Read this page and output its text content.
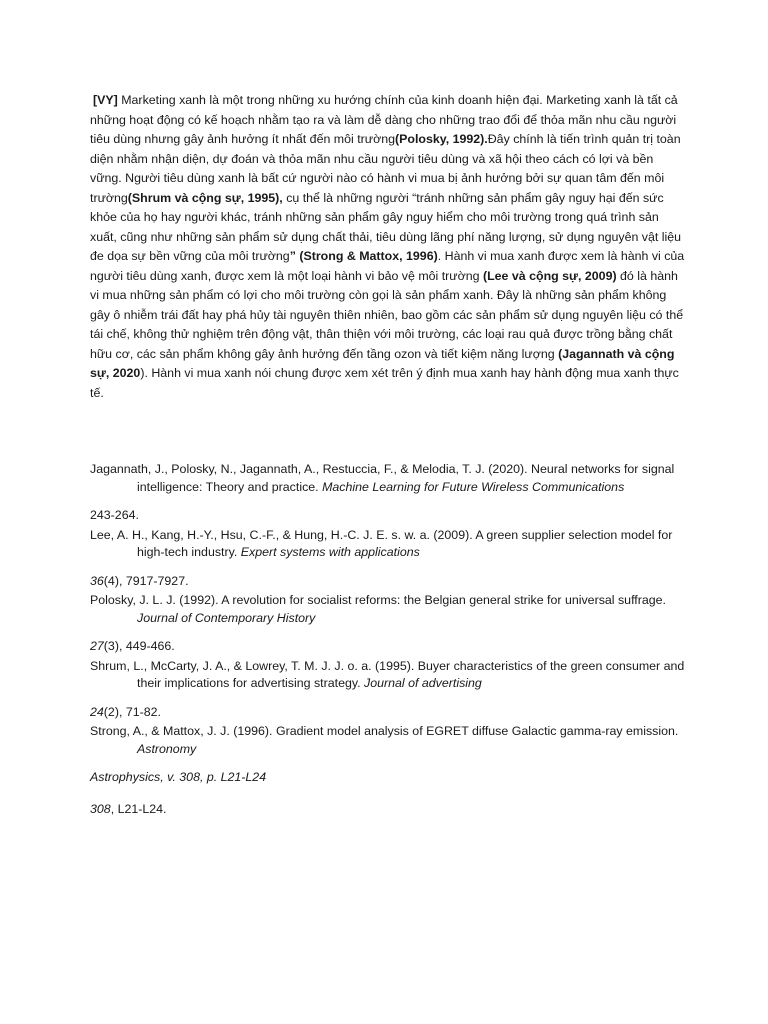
[VY] Marketing xanh là một trong những xu hướng chính của kinh doanh hiện đại. Marketing xanh là tất cả những hoạt động có kế hoạch nhằm tạo ra và làm dễ dàng cho những trao đổi để thỏa mãn nhu cầu người tiêu dùng nhưng gây ảnh hưởng ít nhất đến môi trường(Polosky, 1992).Đây chính là tiến trình quản trị toàn diện nhằm nhận diện, dự đoán và thỏa mãn nhu cầu người tiêu dùng và xã hội theo cách có lợi và bền vững. Người tiêu dùng xanh là bất cứ người nào có hành vi mua bị ảnh hưởng bởi sự quan tâm đến môi trường(Shrum và cộng sự, 1995), cụ thể là những người “tránh những sản phẩm gây nguy hại đến sức khỏe của họ hay người khác, tránh những sản phẩm gây nguy hiểm cho môi trường trong quá trình sản xuất, cũng như những sản phẩm sử dụng chất thải, tiêu dùng lãng phí năng lượng, sử dụng nguyên vật liệu đe dọa sự bền vững của môi trường” (Strong & Mattox, 1996). Hành vi mua xanh được xem là hành vi của người tiêu dùng xanh, được xem là một loại hành vi bảo vệ môi trường (Lee và cộng sự, 2009) đó là hành vi mua những sản phẩm có lợi cho môi trường còn gọi là sản phẩm xanh. Đây là những sản phẩm không gây ô nhiễm trái đất hay phá hủy tài nguyên thiên nhiên, bao gồm các sản phẩm sử dụng nguyên liệu có thể tái chế, không thử nghiệm trên động vật, thân thiện với môi trường, các loại rau quả được trồng bằng chất hữu cơ, các sản phẩm không gây ảnh hưởng đến tầng ozon và tiết kiệm năng lượng (Jagannath và cộng sự, 2020). Hành vi mua xanh nói chung được xem xét trên ý định mua xanh hay hành động mua xanh thực tế.

Jagannath, J., Polosky, N., Jagannath, A., Restuccia, F., & Melodia, T. J. (2020). Neural networks for signal intelligence: Theory and practice. Machine Learning for Future Wireless Communications

243-264.

Lee, A. H., Kang, H.-Y., Hsu, C.-F., & Hung, H.-C. J. E. s. w. a. (2009). A green supplier selection model for high-tech industry. Expert systems with applications

36(4), 7917-7927.

Polosky, J. L. J. (1992). A revolution for socialist reforms: the Belgian general strike for universal suffrage. Journal of Contemporary History

27(3), 449-466.

Shrum, L., McCarty, J. A., & Lowrey, T. M. J. J. o. a. (1995). Buyer characteristics of the green consumer and their implications for advertising strategy. Journal of advertising

24(2), 71-82.

Strong, A., & Mattox, J. J. (1996). Gradient model analysis of EGRET diffuse Galactic gamma-ray emission. Astronomy

Astrophysics, v. 308, p. L21-L24

308, L21-L24.
